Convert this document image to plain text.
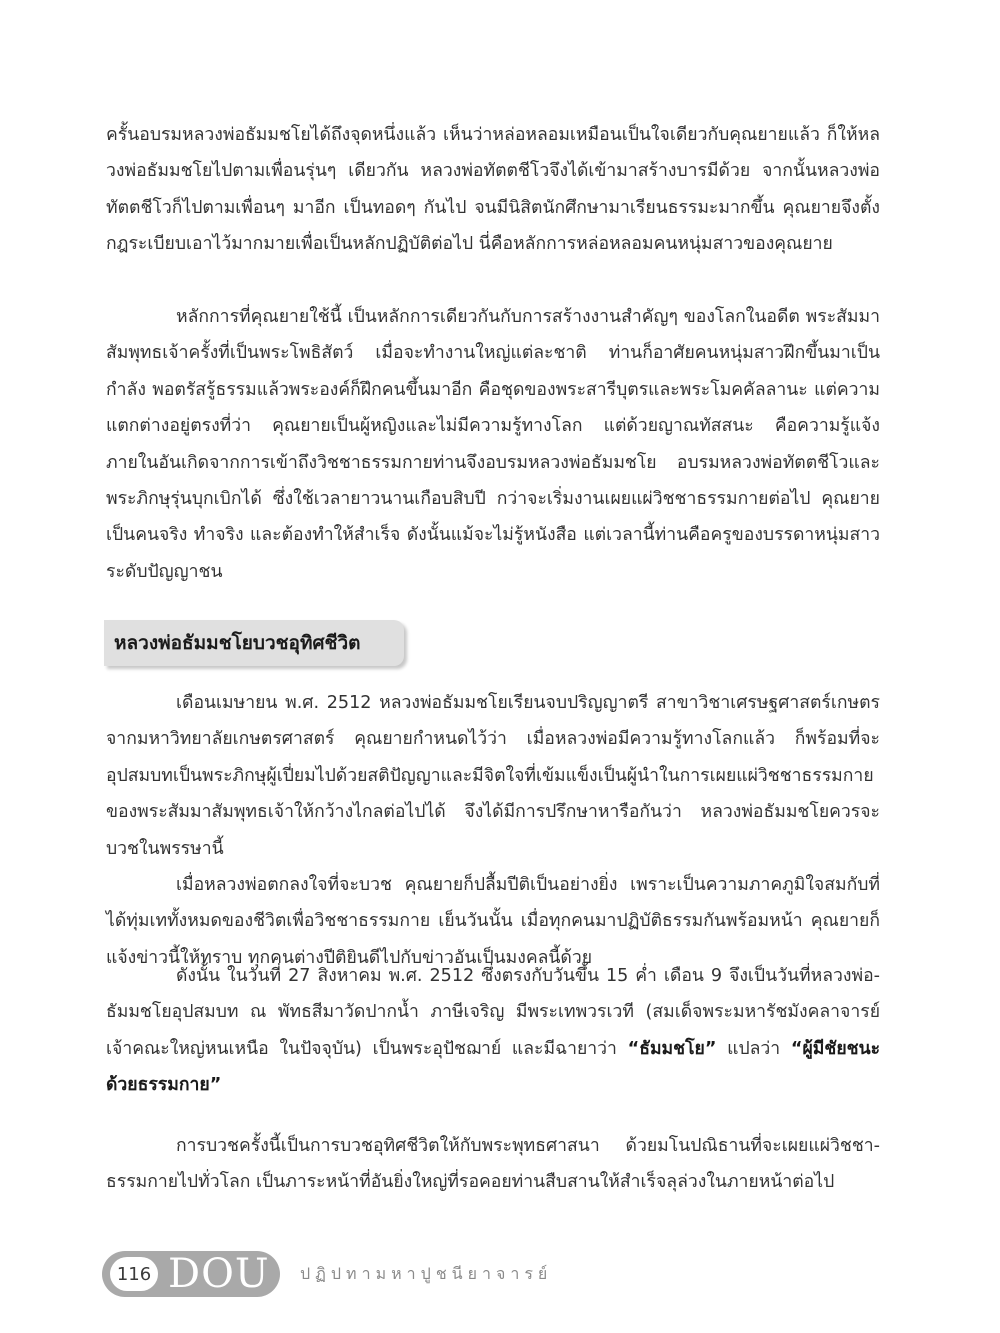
ครั้นอบรมหลวงพ่อธัมมชโยได้ถึงจุดหนึ่งแล้ว เห็นว่าหล่อหลอมเหมือนเป็นใจเดียวกับคุณยายแล้ว ก็ให้หลวงพ่อธัมมชโยไปตามเพื่อนรุ่นๆ เดียวกัน หลวงพ่อทัตตชีโวจึงได้เข้ามาสร้างบารมีด้วย จากนั้นหลวงพ่อทัตตชีโวก็ไปตามเพื่อนๆ มาอีก เป็นทอดๆ กันไป จนมีนิสิตนักศึกษามาเรียนธรรมะมากขึ้น คุณยายจึงตั้งกฎระเบียบเอาไว้มากมายเพื่อเป็นหลักปฏิบัติต่อไป นี่คือหลักการหล่อหลอมคนหนุ่มสาวของคุณยาย

หลักการที่คุณยายใช้นี้ เป็นหลักการเดียวกันกับการสร้างงานสำคัญๆ ของโลกในอดีต พระสัมมาสัมพุทธเจ้าครั้งที่เป็นพระโพธิสัตว์ เมื่อจะทำงานใหญ่แต่ละชาติ ท่านก็อาศัยคนหนุ่มสาวฝึกขึ้นมาเป็นกำลัง พอตรัสรู้ธรรมแล้วพระองค์ก็ฝึกคนขึ้นมาอีก คือชุดของพระสารีบุตรและพระโมคคัลลานะ แต่ความแตกต่างอยู่ตรงที่ว่า คุณยายเป็นผู้หญิงและไม่มีความรู้ทางโลก แต่ด้วยญาณทัสสนะ คือความรู้แจ้งภายในอันเกิดจากการเข้าถึงวิชชาธรรมกายท่านจึงอบรมหลวงพ่อธัมมชโย อบรมหลวงพ่อทัตตชีโวและพระภิกษุรุ่นบุกเบิกได้ ซึ่งใช้เวลายาวนานเกือบสิบปี กว่าจะเริ่มงานเผยแผ่วิชชาธรรมกายต่อไป คุณยายเป็นคนจริง ทำจริง และต้องทำให้สำเร็จ ดังนั้นแม้จะไม่รู้หนังสือ แต่เวลานี้ท่านคือครูของบรรดาหนุ่มสาวระดับปัญญาชน

หลวงพ่อธัมมชโยบวชอุทิศชีวิต

เดือนเมษายน พ.ศ. 2512 หลวงพ่อธัมมชโยเรียนจบปริญญาตรี สาขาวิชาเศรษฐศาสตร์เกษตร จากมหาวิทยาลัยเกษตรศาสตร์ คุณยายกำหนดไว้ว่า เมื่อหลวงพ่อมีความรู้ทางโลกแล้ว ก็พร้อมที่จะอุปสมบทเป็นพระภิกษุผู้เปี่ยมไปด้วยสติปัญญาและมีจิตใจที่เข้มแข็งเป็นผู้นำในการเผยแผ่วิชชาธรรมกายของพระสัมมาสัมพุทธเจ้าให้กว้างไกลต่อไปได้ จึงได้มีการปรึกษาหารือกันว่า หลวงพ่อธัมมชโยควรจะบวชในพรรษานี้

เมื่อหลวงพ่อตกลงใจที่จะบวช คุณยายก็ปลื้มปีติเป็นอย่างยิ่ง เพราะเป็นความภาคภูมิใจสมกับที่ได้ทุ่มเททั้งหมดของชีวิตเพื่อวิชชาธรรมกาย เย็นวันนั้น เมื่อทุกคนมาปฏิบัติธรรมกันพร้อมหน้า คุณยายก็แจ้งข่าวนี้ให้ทราบ ทุกคนต่างปีติยินดีไปกับข่าวอันเป็นมงคลนี้ด้วย

ดังนั้น ในวันที่ 27 สิงหาคม พ.ศ. 2512 ซึ่งตรงกับวันขึ้น 15 ค่ำ เดือน 9 จึงเป็นวันที่หลวงพ่อ-ธัมมชโยอุปสมบท ณ พัทธสีมาวัดปากน้ำ ภาษีเจริญ มีพระเทพวรเวที (สมเด็จพระมหารัชมังคลาจารย์ เจ้าคณะใหญ่หนเหนือ ในปัจจุบัน) เป็นพระอุปัชฌาย์ และมีฉายาว่า “ธัมมชโย” แปลว่า “ผู้มีชัยชนะด้วยธรรมกาย”

การบวชครั้งนี้เป็นการบวชอุทิศชีวิตให้กับพระพุทธศาสนา ด้วยมโนปณิธานที่จะเผยแผ่วิชชา-ธรรมกายไปทั่วโลก เป็นภาระหน้าที่อันยิ่งใหญ่ที่รอคอยท่านสืบสานให้สำเร็จลุล่วงในภายหน้าต่อไป

116 DOU ปฏิปทามหาปูชนียาจารย์
